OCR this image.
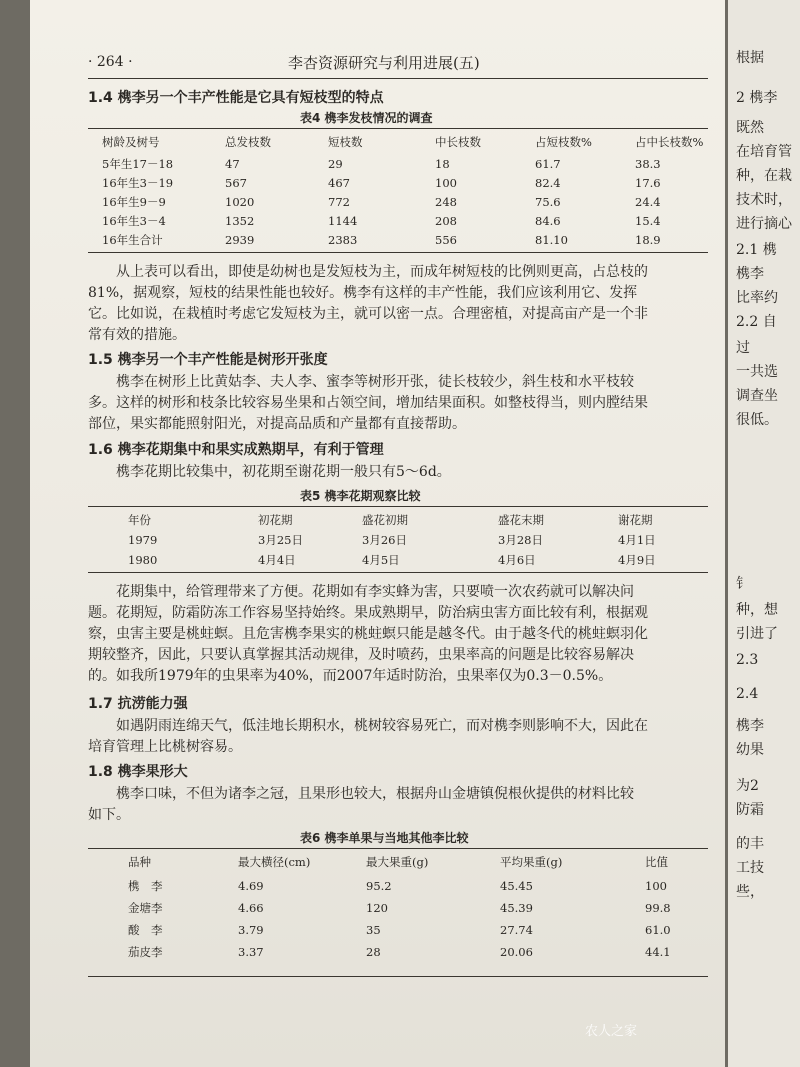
· 264 ·	李杏资源研究与利用进展(五)
1.4 槜李另一个丰产性能是它具有短枝型的特点
表4 槜李发枝情况的调查
树龄及树号	总发枝数	短枝数	中长枝数	占短枝数%	占中长枝数%
5年生17－18	47	29	18	61.7	38.3
16年生3－19	567	467	100	82.4	17.6
16年生9－9	1020	772	248	75.6	24.4
16年生3－4	1352	1144	208	84.6	15.4
16年生合计	2939	2383	556	81.10	18.9
从上表可以看出，即使是幼树也是发短枝为主，而成年树短枝的比例则更高，占总枝的
81%，据观察，短枝的结果性能也较好。槜李有这样的丰产性能，我们应该利用它、发挥
它。比如说，在栽植时考虑它发短枝为主，就可以密一点。合理密植，对提高亩产是一个非
常有效的措施。
1.5 槜李另一个丰产性能是树形开张度
槜李在树形上比黄姑李、夫人李、蜜李等树形开张，徒长枝较少，斜生枝和水平枝较
多。这样的树形和枝条比较容易坐果和占领空间，增加结果面积。如整枝得当，则内膛结果
部位，果实都能照射阳光，对提高品质和产量都有直接帮助。
1.6 槜李花期集中和果实成熟期早，有利于管理
槜李花期比较集中，初花期至谢花期一般只有5～6d。
表5 槜李花期观察比较
年份	初花期	盛花初期	盛花末期	谢花期
1979	3月25日	3月26日	3月28日	4月1日
1980	4月4日	4月5日	4月6日	4月9日
花期集中，给管理带来了方便。花期如有李实蜂为害，只要喷一次农药就可以解决问
题。花期短，防霜防冻工作容易坚持始终。果成熟期早，防治病虫害方面比较有利，根据观
察，虫害主要是桃蛀螟。且危害槜李果实的桃蛀螟只能是越冬代。由于越冬代的桃蛀螟羽化
期较整齐，因此，只要认真掌握其活动规律，及时喷药，虫果率高的问题是比较容易解决
的。如我所1979年的虫果率为40%，而2007年适时防治，虫果率仅为0.3－0.5%。
1.7 抗涝能力强
如遇阴雨连绵天气，低洼地长期积水，桃树较容易死亡，而对槜李则影响不大，因此在
培育管理上比桃树容易。
1.8 槜李果形大
槜李口味，不但为诸李之冠，且果形也较大，根据舟山金塘镇倪根伙提供的材料比较
如下。
表6 槜李单果与当地其他李比较
品种	最大横径(cm)	最大果重(g)	平均果重(g)	比值
槜　李	4.69	95.2	45.45	100
金塘李	4.66	120	45.39	99.8
酸　李	3.79	35	27.74	61.0
茄皮李	3.37	28	20.06	44.1
农人之家
根据
2 槜李
既然
在培育管
种，在栽
技术时，
进行摘心
2.1 槜
槜李
比率约
2.2 自
过
一共选
调查坐
很低。
钅
种，想
引进了
2.3
2.4
槜李
幼果
为2
防霜
的丰
工技
些，
